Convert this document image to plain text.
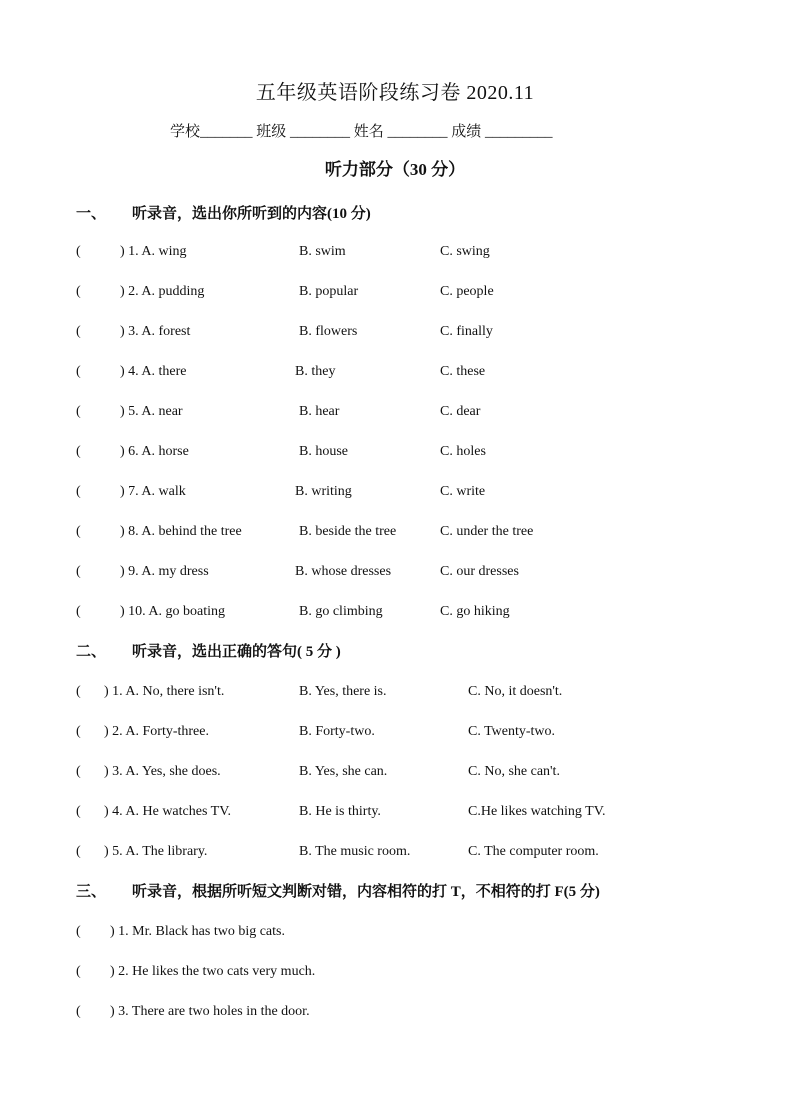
五年级英语阶段练习卷 2020.11
学校_______ 班级 ________ 姓名 ________ 成绩 _________
听力部分（30 分）
一、 听录音，选出你所听到的内容(10 分)
(	) 1. A. wing	B. swim	C. swing
(	) 2. A. pudding	B. popular	C. people
(	) 3. A. forest	B. flowers	C. finally
(	) 4. A. there	B. they	C. these
(	) 5. A. near	B. hear	C. dear
(	) 6. A. horse	B. house	C. holes
(	) 7. A. walk	B. writing	C. write
(	) 8. A. behind the tree	B. beside the tree	C. under the tree
(	) 9. A. my dress	B. whose dresses	C. our dresses
(	) 10. A. go boating	B. go climbing	C. go hiking
二、 听录音，选出正确的答句( 5 分 )
( ) 1. A. No, there isn't.	B. Yes, there is.	C. No, it doesn't.
( ) 2. A. Forty-three.	B. Forty-two.	C. Twenty-two.
( ) 3. A. Yes, she does.	B. Yes, she can.	C. No, she can't.
( ) 4. A. He watches TV.	B. He is thirty.	C.He likes watching TV.
( ) 5. A. The library.	B. The music room.	C. The computer room.
三、 听录音，根据所听短文判断对错，内容相符的打 T，不相符的打 F(5 分)
( ) 1. Mr. Black has two big cats.
( ) 2. He likes the two cats very much.
( ) 3. There are two holes in the door.
